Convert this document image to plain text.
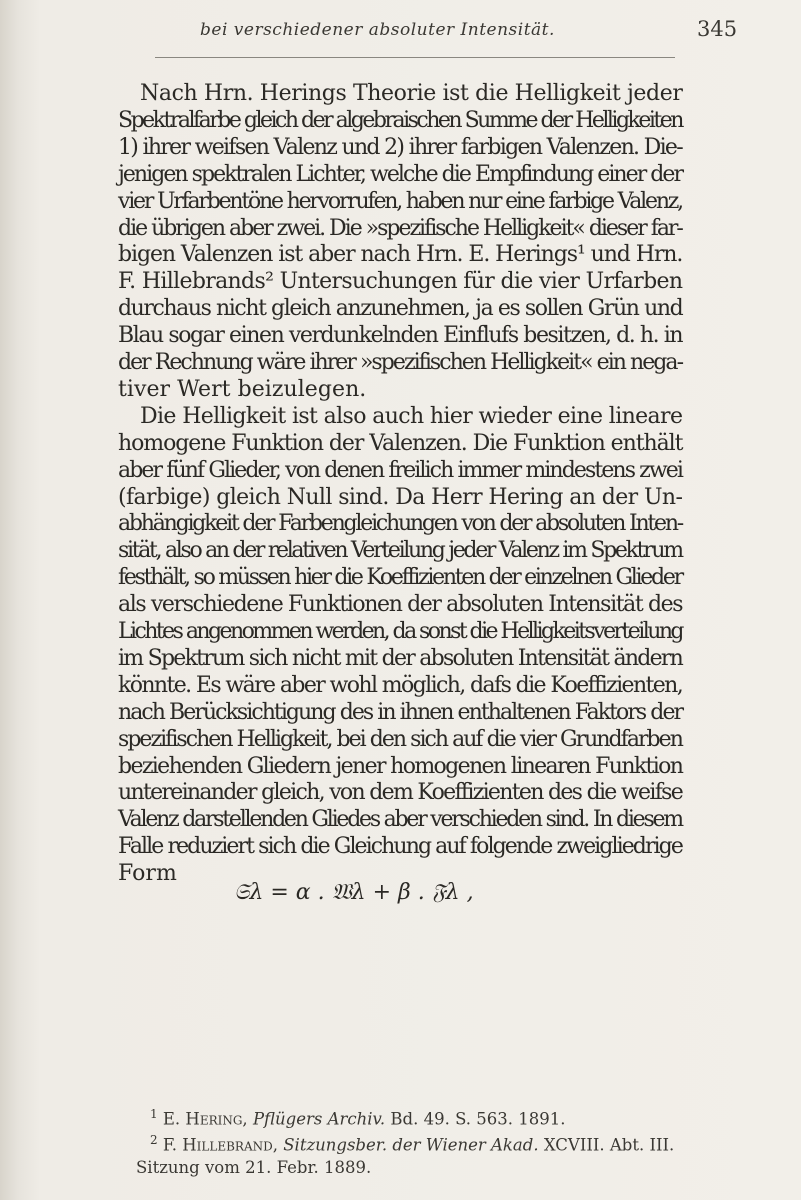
bei verschiedener absoluter Intensität.	345
Nach Hrn. Herings Theorie ist die Helligkeit jeder
Spektralfarbe gleich der algebraischen Summe der Helligkeiten
1) ihrer weifsen Valenz und 2) ihrer farbigen Valenzen. Die-
jenigen spektralen Lichter, welche die Empfindung einer der
vier Urfarbentöne hervorrufen, haben nur eine farbige Valenz,
die übrigen aber zwei. Die »spezifische Helligkeit« dieser far-
bigen Valenzen ist aber nach Hrn. E. Herings¹ und Hrn.
F. Hillebrands² Untersuchungen für die vier Urfarben
durchaus nicht gleich anzunehmen, ja es sollen Grün und
Blau sogar einen verdunkelnden Einflufs besitzen, d. h. in
der Rechnung wäre ihrer »spezifischen Helligkeit« ein nega-
tiver Wert beizulegen.
Die Helligkeit ist also auch hier wieder eine lineare
homogene Funktion der Valenzen. Die Funktion enthält
aber fünf Glieder, von denen freilich immer mindestens zwei
(farbige) gleich Null sind. Da Herr Hering an der Un-
abhängigkeit der Farbengleichungen von der absoluten Inten-
sität, also an der relativen Verteilung jeder Valenz im Spektrum
festhält, so müssen hier die Koeffizienten der einzelnen Glieder
als verschiedene Funktionen der absoluten Intensität des
Lichtes angenommen werden, da sonst die Helligkeitsverteilung
im Spektrum sich nicht mit der absoluten Intensität ändern
könnte. Es wäre aber wohl möglich, dafs die Koeffizienten,
nach Berücksichtigung des in ihnen enthaltenen Faktors der
spezifischen Helligkeit, bei den sich auf die vier Grundfarben
beziehenden Gliedern jener homogenen linearen Funktion
untereinander gleich, von dem Koeffizienten des die weifse
Valenz darstellenden Gliedes aber verschieden sind. In diesem
Falle reduziert sich die Gleichung auf folgende zweigliedrige
Form
𝔖λ = α . 𝔚λ + β . 𝔉λ ,
$^1$ E. Hering, Pflügers Archiv. Bd. 49. S. 563. 1891.
$^2$ F. Hillebrand, Sitzungsber. der Wiener Akad. XCVIII. Abt. III.
Sitzung vom 21. Febr. 1889.
